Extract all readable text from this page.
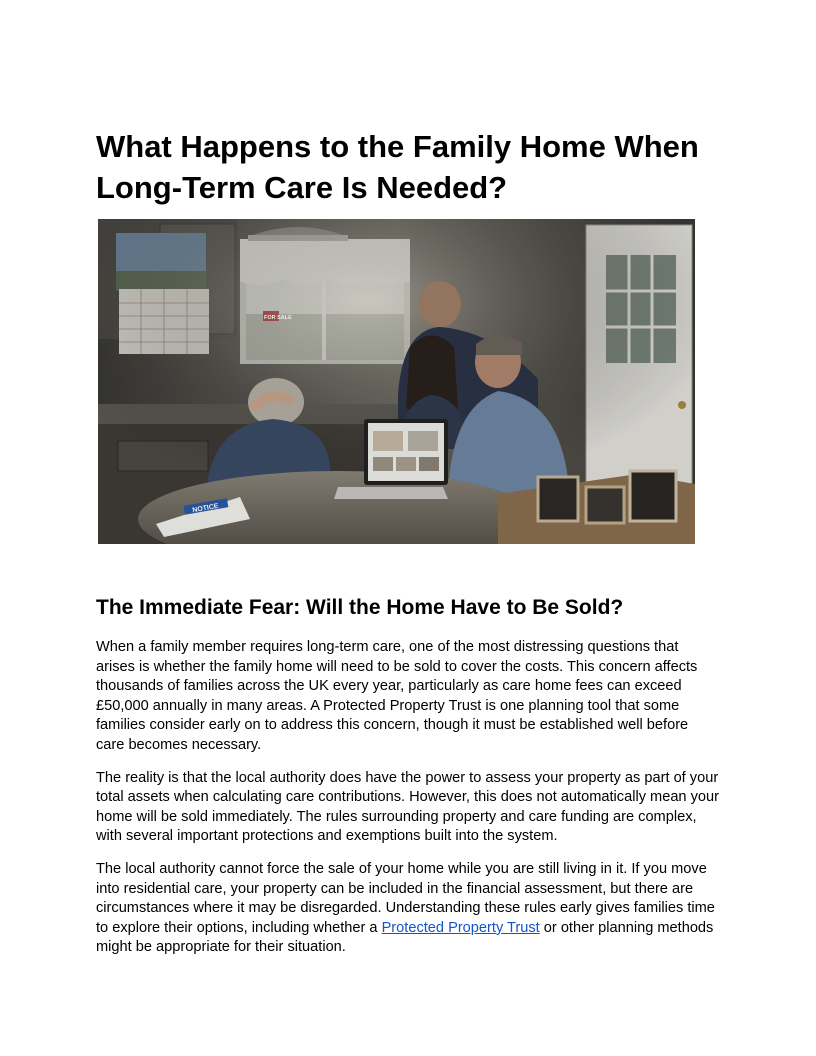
What Happens to the Family Home When Long-Term Care Is Needed?
NOTICE
FOR SALE
The Immediate Fear: Will the Home Have to Be Sold?

When a family member requires long-term care, one of the most distressing questions that arises is whether the family home will need to be sold to cover the costs. This concern affects thousands of families across the UK every year, particularly as care home fees can exceed £50,000 annually in many areas. A Protected Property Trust is one planning tool that some families consider early on to address this concern, though it must be established well before care becomes necessary.

The reality is that the local authority does have the power to assess your property as part of your total assets when calculating care contributions. However, this does not automatically mean your home will be sold immediately. The rules surrounding property and care funding are complex, with several important protections and exemptions built into the system.

The local authority cannot force the sale of your home while you are still living in it. If you move into residential care, your property can be included in the financial assessment, but there are circumstances where it may be disregarded. Understanding these rules early gives families time to explore their options, including whether a Protected Property Trust or other planning methods might be appropriate for their situation.
